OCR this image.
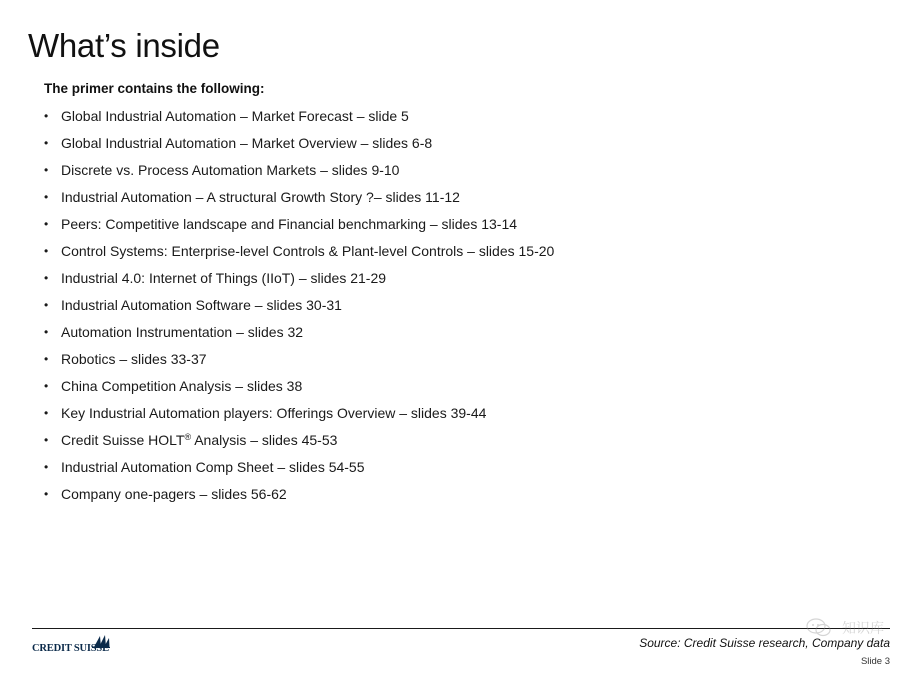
What’s inside

The primer contains the following:

• Global Industrial Automation – Market Forecast – slide 5
• Global Industrial Automation – Market Overview – slides 6-8
• Discrete vs. Process Automation Markets – slides 9-10
• Industrial Automation – A structural Growth Story ?– slides 11-12
• Peers: Competitive landscape and Financial benchmarking – slides 13-14
• Control Systems: Enterprise-level Controls & Plant-level Controls – slides 15-20
• Industrial 4.0: Internet of Things (IIoT) – slides 21-29
• Industrial Automation Software – slides 30-31
• Automation Instrumentation – slides 32
• Robotics – slides 33-37
• China Competition Analysis – slides 38
• Key Industrial Automation players: Offerings Overview – slides 39-44
• Credit Suisse HOLT® Analysis – slides 45-53
• Industrial Automation Comp Sheet – slides 54-55
• Company one-pagers – slides 56-62
CREDIT SUISSE
知识库
Source: Credit Suisse research, Company data
Slide 3
